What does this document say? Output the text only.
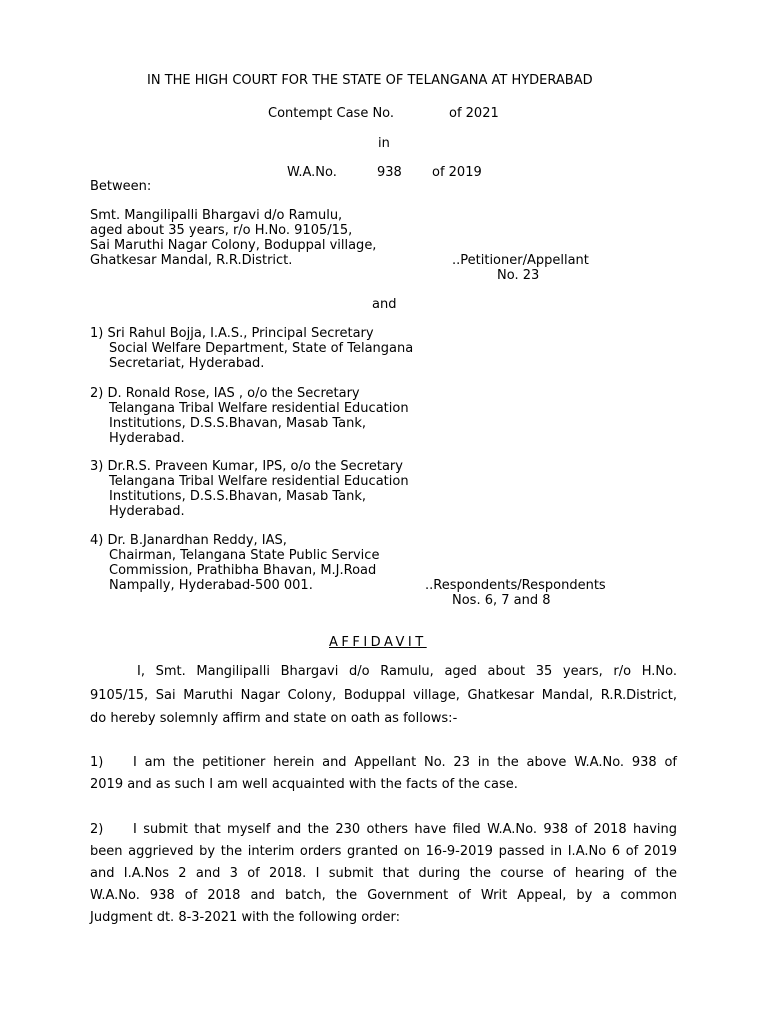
IN THE HIGH COURT FOR THE STATE OF TELANGANA AT HYDERABAD
Contempt Case No.	of 2021
in
W.A.No.	938 of 2019
Between:
Smt. Mangilipalli Bhargavi d/o Ramulu,
aged about 35 years, r/o H.No. 9105/15,
Sai Maruthi Nagar Colony, Boduppal village,
Ghatkesar Mandal, R.R.District.	..Petitioner/Appellant
No. 23
and
1) Sri Rahul Bojja, I.A.S., Principal Secretary
Social Welfare Department, State of Telangana
Secretariat, Hyderabad.
2) D. Ronald Rose, IAS , o/o the Secretary
Telangana Tribal Welfare residential Education
Institutions, D.S.S.Bhavan, Masab Tank,
Hyderabad.
3) Dr.R.S. Praveen Kumar, IPS, o/o the Secretary
Telangana Tribal Welfare residential Education
Institutions, D.S.S.Bhavan, Masab Tank,
Hyderabad.
4) Dr. B.Janardhan Reddy, IAS,
Chairman, Telangana State Public Service
Commission, Prathibha Bhavan, M.J.Road
Nampally, Hyderabad-500 001.	..Respondents/Respondents
Nos. 6, 7 and 8
AFFIDAVIT
I, Smt. Mangilipalli Bhargavi d/o Ramulu, aged about 35 years, r/o H.No.
9105/15, Sai Maruthi Nagar Colony, Boduppal village, Ghatkesar Mandal, R.R.District,
do hereby solemnly affirm and state on oath as follows:-
1) I am the petitioner herein and Appellant No. 23 in the above W.A.No. 938 of
2019 and as such I am well acquainted with the facts of the case.
2) I submit that myself and the 230 others have filed W.A.No. 938 of 2018 having
been aggrieved by the interim orders granted on 16-9-2019 passed in I.A.No 6 of 2019
and I.A.Nos 2 and 3 of 2018. I submit that during the course of hearing of the
W.A.No. 938 of 2018 and batch, the Government of Writ Appeal, by a common
Judgment dt. 8-3-2021 with the following order:
